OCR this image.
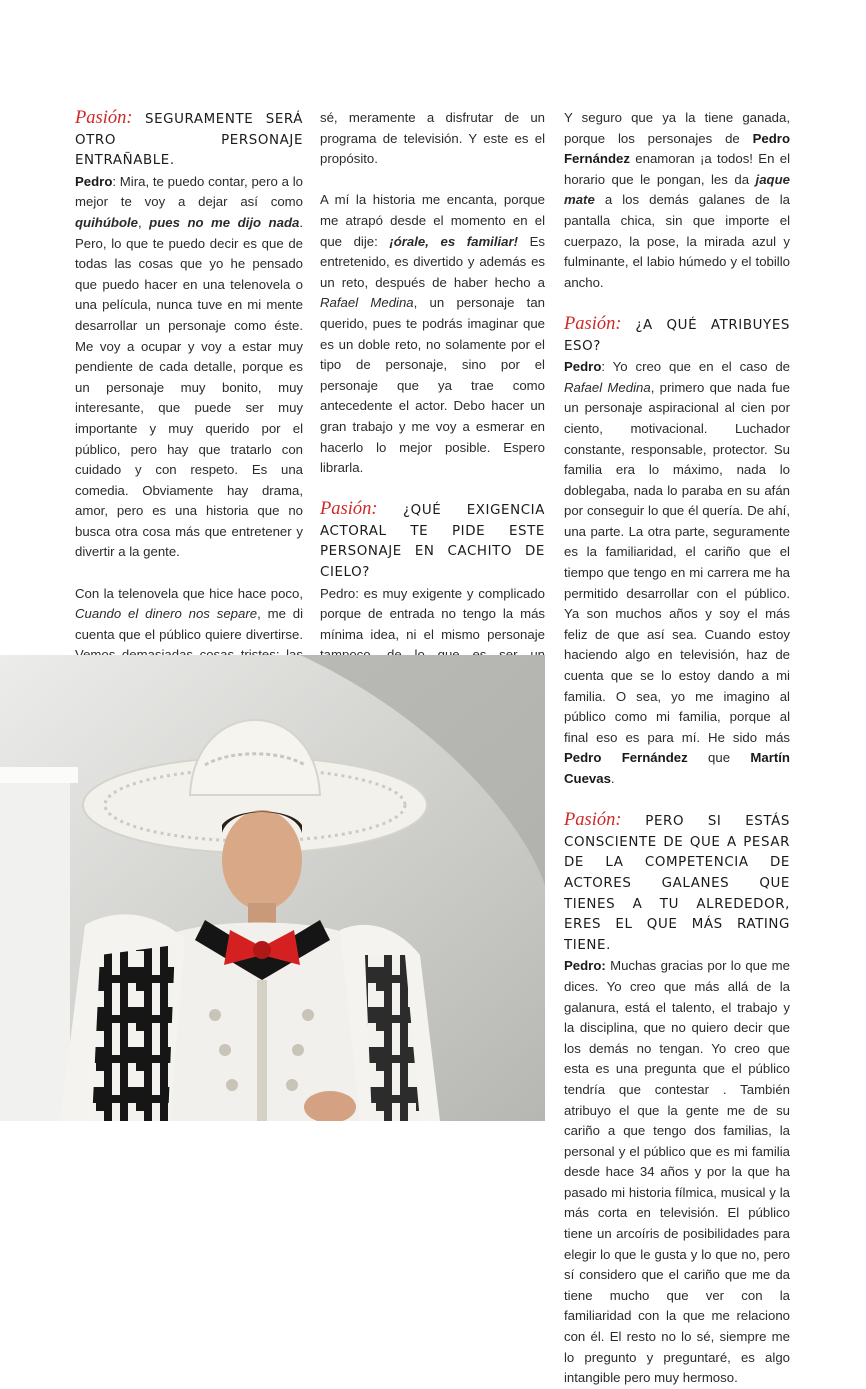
Pasión: SEGURAMENTE SERÁ OTRO PERSONAJE ENTRAÑABLE.

Pedro: Mira, te puedo contar, pero a lo mejor te voy a dejar así como quihúbole, pues no me dijo nada. Pero, lo que te puedo decir es que de todas las cosas que yo he pensado que puedo hacer en una telenovela o una película, nunca tuve en mi mente desarrollar un personaje como éste. Me voy a ocupar y voy a estar muy pendiente de cada detalle, porque es un personaje muy bonito, muy interesante, que puede ser muy importante y muy querido por el público, pero hay que tratarlo con cuidado y con respeto. Es una comedia. Obviamente hay drama, amor, pero es una historia que no busca otra cosa más que entretener y divertir a la gente.

Con la telenovela que hice hace poco, Cuando el dinero nos separe, me di cuenta que el público quiere divertirse.

sé, meramente a disfrutar de un programa de televisión. Y este es el propósito.

A mí la historia me encanta, porque me atrapó desde el momento en el que dije: ¡órale, es familiar! Es entretenido, es divertido y además es un reto, después de haber hecho a Rafael Medina, un personaje tan querido, pues te podrás imaginar que es un doble reto, no solamente por el tipo de personaje, sino por el personaje que ya trae como antecedente el actor. Debo hacer un gran trabajo y me voy a esmerar en hacerlo lo mejor posible. Espero librarla.

Pasión: ¿QUÉ EXIGENCIA ACTORAL TE PIDE ESTE PERSONAJE EN CACHITO DE CIELO?

Pedro: es muy exigente y complicado porque de entrada no tengo la más mínima idea, ni el mismo personaje

Y seguro que ya la tiene ganada, porque los personajes de Pedro Fernández enamoran ¡a todos! En el horario que le pongan, les da jaque mate a los demás galanes de la pantalla chica, sin que importe el cuerpazo, la pose, la mirada azul y fulminante, el labio húmedo y el tobillo ancho.

Pasión: ¿A QUÉ ATRIBUYES ESO?

Pedro: Yo creo que en el caso de Rafael Medina, primero que nada fue un personaje aspiracional al cien por ciento, motivacional. Luchador constante, responsable, protector. Su familia era lo máximo, nada lo doblegaba, nada lo paraba en su afán por conseguir lo que él quería. De ahí, una parte. La otra parte, seguramente es la familiaridad, el cariño que el tiempo que tengo en mi carrera me ha permitido desarrollar con el público. Ya son muchos años y soy el más feliz de que así sea. Cuando estoy haciendo algo en televisión, haz de cuenta que se lo estoy dando a mi familia. O sea, yo me imagino al público como mi familia, porque al final eso es para mí. He sido más Pedro Fernández que Martín Cuevas.

Pasión: PERO SI ESTÁS CONSCIENTE DE QUE A PESAR DE LA COMPETENCIA DE ACTORES GALANES QUE TIENES A TU ALREDEDOR, ERES EL QUE MÁS RATING TIENE.

Pedro: Muchas gracias por lo que me dices. Yo creo que más allá de la galanura, está el talento, el trabajo y la disciplina, que no quiero decir que los demás no tengan. Yo creo que esta es una pregunta que el público tendría que contestar . También atribuyo el que la gente me de su cariño a que tengo dos familias, la personal y el público que es mi familia desde hace 34 años y por la que ha pasado mi historia fílmica, musical y la más corta en televisión. El público tiene un arcoíris de posibilidades para elegir lo que le gusta y lo que no, pero sí considero que el cariño que me da tiene mucho que ver con la familiaridad con la que me relaciono con él. El resto no lo sé, siempre me lo pregunto y preguntaré, es algo intangible pero muy hermoso.
